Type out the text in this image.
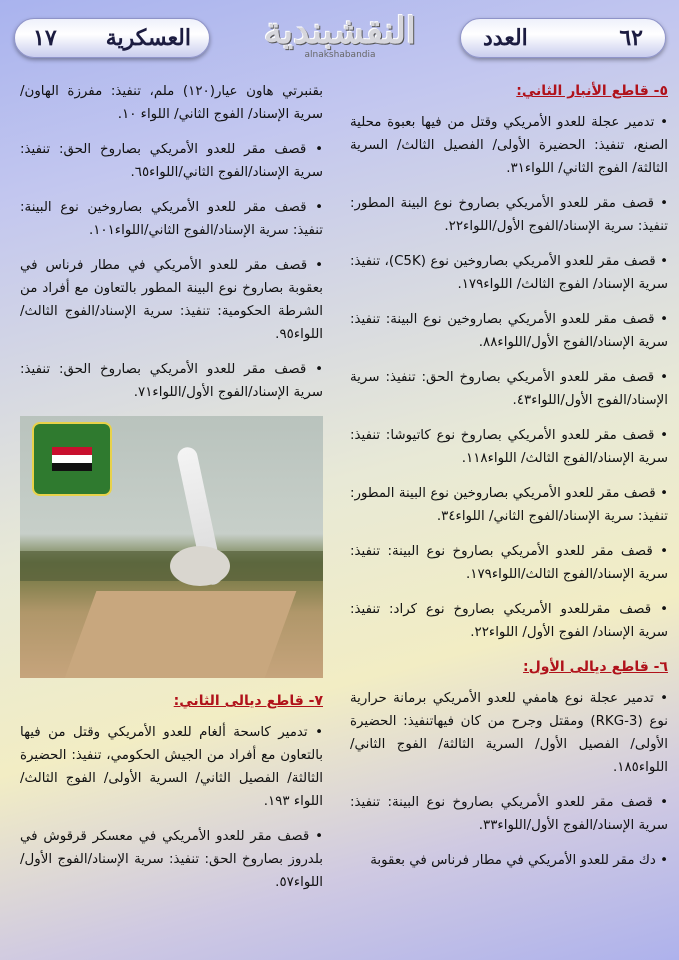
١٧ العسكرية	النقشبندية
alnakshabandia
العدد	٦٢
٥- قاطع الأنبار الثاني:
• تدمير عجلة للعدو الأمريكي وقتل من فيها بعبوة محلية الصنع، تنفيذ: الحضيرة الأولى/ الفصيل الثالث/ السرية الثالثة/ الفوج الثاني/ اللواء٣١.
• قصف مقر للعدو الأمريكي بصاروخ نوع البينة المطور: تنفيذ: سرية الإسناد/الفوج الأول/اللواء٢٢.
• قصف مقر للعدو الأمريكي بصاروخين نوع (C5K)، تنفيذ: سرية الإسناد/ الفوج الثالث/ اللواء١٧٩.
• قصف مقر للعدو الأمريكي بصاروخين نوع البينة: تنفيذ: سرية الإسناد/الفوج الأول/اللواء٨٨.
• قصف مقر للعدو الأمريكي بصاروخ الحق: تنفيذ: سرية الإسناد/الفوج الأول/اللواء٤٣.
• قصف مقر للعدو الأمريكي بصاروخ نوع كاتيوشا: تنفيذ: سرية الإسناد/الفوج الثالث/ اللواء١١٨.
• قصف مقر للعدو الأمريكي بصاروخين نوع البينة المطور: تنفيذ: سرية الإسناد/الفوج الثاني/ اللواء٣٤.
• قصف مقر للعدو الأمريكي بصاروخ نوع البينة: تنفيذ: سرية الإسناد/الفوج الثالث/اللواء١٧٩.
• قصف مقرللعدو الأمريكي بصاروخ نوع كراد: تنفيذ: سرية الإسناد/ الفوج الأول/ اللواء٢٢.
٦- قاطع ديالى الأول:
• تدمير عجلة نوع هامفي للعدو الأمريكي برمانة حرارية نوع (RKG-3) ومقتل وجرح من كان فيهاتنفيذ: الحضيرة الأولى/ الفصيل الأول/ السرية الثالثة/ الفوج الثاني/ اللواء١٨٥.
• قصف مقر للعدو الأمريكي بصاروخ نوع البينة: تنفيذ: سرية الإسناد/الفوج الأول/اللواء٣٣.
• دك مقر للعدو الأمريكي في مطار فرناس في بعقوبة
بقنبرتي هاون عيار(١٢٠) ملم، تنفيذ: مفرزة الهاون/ سرية الإسناد/ الفوج الثاني/ اللواء ١٠.
• قصف مقر للعدو الأمريكي بصاروخ الحق: تنفيذ: سرية الإسناد/الفوج الثاني/اللواء٦٥.
• قصف مقر للعدو الأمريكي بصاروخين نوع البينة: تنفيذ: سرية الإسناد/الفوج الثاني/اللواء١٠١.
• قصف مقر للعدو الأمريكي في مطار فرناس في بعقوبة بصاروخ نوع البينة المطور بالتعاون مع أفراد من الشرطة الحكومية: تنفيذ: سرية الإسناد/الفوج الثالث/اللواء٩٥.
• قصف مقر للعدو الأمريكي بصاروخ الحق: تنفيذ: سرية الإسناد/الفوج الأول/اللواء٧١.
٧- قاطع ديالى الثاني:
• تدمير كاسحة ألغام للعدو الأمريكي وقتل من فيها بالتعاون مع أفراد من الجيش الحكومي، تنفيذ: الحضيرة الثالثة/ الفصيل الثاني/ السرية الأولى/ الفوج الثالث/ اللواء ١٩٣.
• قصف مقر للعدو الأمريكي في معسكر قرقوش في بلدروز بصاروخ الحق: تنفيذ: سرية الإسناد/الفوج الأول/اللواء٥٧.
